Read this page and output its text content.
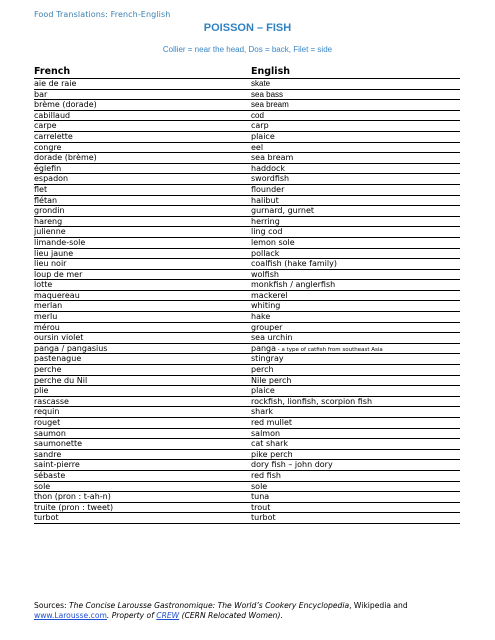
Food Translations: French-English
POISSON – FISH
Collier = near the head, Dos = back, Filet = side
French	English
aie de raie	skate
bar	sea bass
brème (dorade)	sea bream
cabillaud	cod
carpe	carp
carrelette	plaice
congre	eel
dorade (brème)	sea bream
églefin	haddock
espadon	swordfish
flet	flounder
flétan	halibut
grondin	gurnard, gurnet
hareng	herring
julienne	ling cod
limande-sole	lemon sole
lieu jaune	pollack
lieu noir	coalfish (hake family)
loup de mer	wolfish
lotte	monkfish / anglerfish
maquereau	mackerel
merlan	whiting
merlu	hake
mérou	grouper
oursin violet	sea urchin
panga / pangasius	panga - a type of catfish from southeast Asia
pastenague	stingray
perche	perch
perche du Nil	Nile perch
plie	plaice
rascasse	rockfish, lionfish, scorpion fish
requin	shark
rouget	red mullet
saumon	salmon
saumonette	cat shark
sandre	pike perch
saint-pierre	dory fish – john dory
sébaste	red fish
sole	sole
thon (pron : t-ah-n)	tuna
truite (pron : tweet)	trout
turbot	turbot
Sources: The Concise Larousse Gastronomique: The World’s Cookery Encyclopedia, Wikipedia and
www.Larousse.com. Property of CREW (CERN Relocated Women).
